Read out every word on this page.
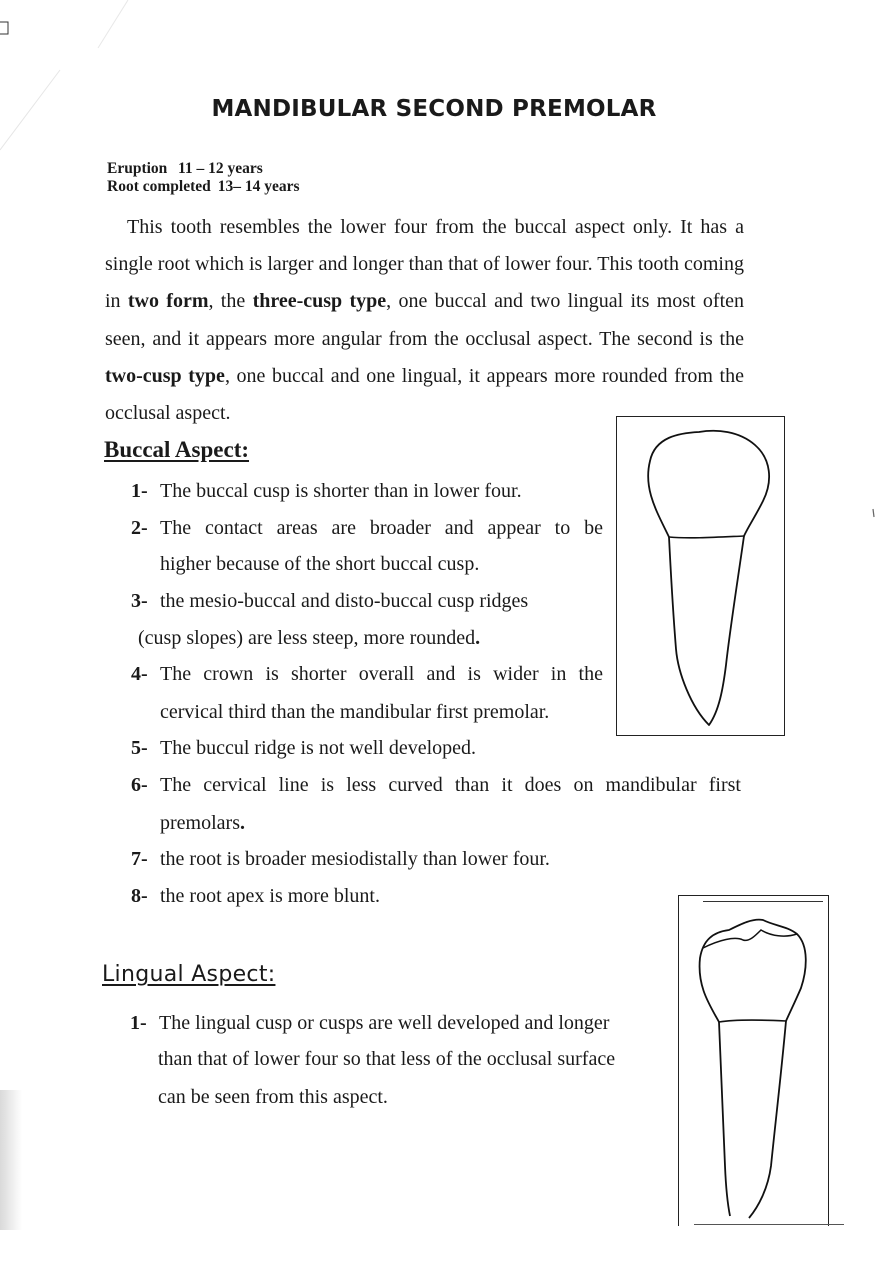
MANDIBULAR SECOND PREMOLAR
Eruption 11 – 12 years
Root completed 13– 14 years

This tooth resembles the lower four from the buccal aspect only. It has a single root which is larger and longer than that of lower four. This tooth coming in two form, the three-cusp type, one buccal and two lingual its most often seen, and it appears more angular from the occlusal aspect. The second is the two-cusp type, one buccal and one lingual, it appears more rounded from the occlusal aspect.

Buccal Aspect:
1- The buccal cusp is shorter than in lower four.
2- The contact areas are broader and appear to be
higher because of the short buccal cusp.
3- the mesio-buccal and disto-buccal cusp ridges
(cusp slopes) are less steep, more rounded.
4- The crown is shorter overall and is wider in the
cervical third than the mandibular first premolar.
5- The buccul ridge is not well developed.
6- The cervical line is less curved than it does on mandibular first
premolars.
7- the root is broader mesiodistally than lower four.
8- the root apex is more blunt.
Lingual Aspect:
1- The lingual cusp or cusps are well developed and longer
than that of lower four so that less of the occlusal surface
can be seen from this aspect.
